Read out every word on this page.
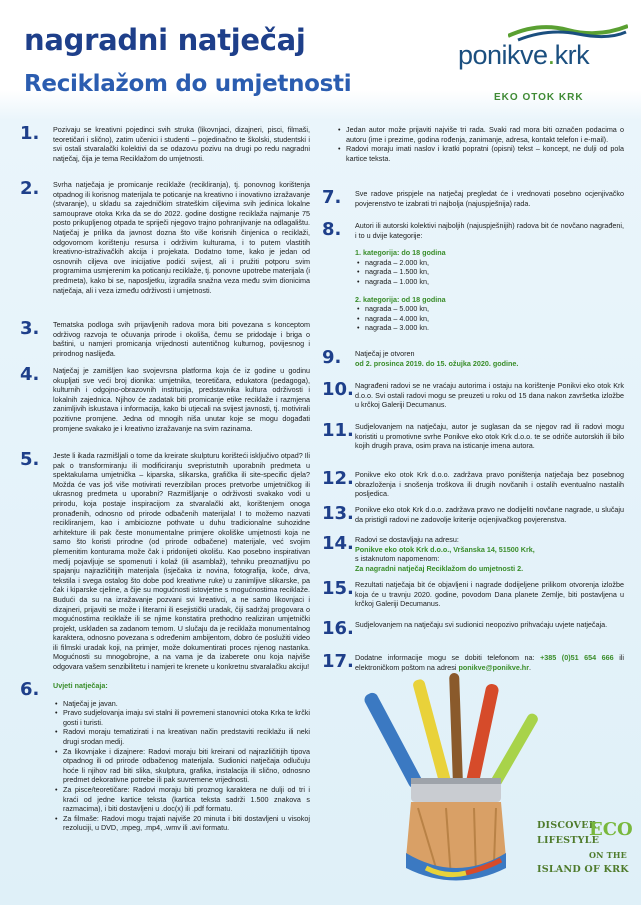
nagradni natječaj
Reciklažom do umjetnosti
ponikve.krk
EKO OTOK KRK
1.	Pozivaju se kreativni pojedinci svih struka (likovnjaci, dizajneri, pisci, filmaši, teoretičari i slično), zatim učenici i studenti – pojedinačno te školski, studentski i svi ostali stvaralački kolektivi da se odazovu pozivu na drugi po redu nagradni natječaj, čija je tema Reciklažom do umjetnosti.
2.	Svrha natječaja je promicanje reciklaže (recikliranja), tj. ponovnog korištenja otpadnog ili korisnog materijala te poticanje na kreativno i inovativno izražavanje (stvaranje), u skladu sa zajedničkim strateškim ciljevima svih jedinica lokalne samouprave otoka Krka da se do 2022. godine dostigne reciklaža najmanje 75 posto prikupljenog otpada te spriječi njegovo trajno pohranjivanje na odlagalištu. Natječaj je prilika da javnost dozna što više korisnih činjenica o reciklaži, odgovornom korištenju resursa i održivim kulturama, i to putem vlastitih kreativno-istraživačkih akcija i projekata. Dodatno tome, kako je jedan od osnovnih ciljeva ove inicijative podići svijest, ali i pružiti potporu svim programima usmjerenim ka poticanju reciklaže, tj. ponovne upotrebe materijala (i predmeta), kako bi se, naposljetku, izgradila snažna veza među svim dionicima natječaja, ali i veza između održivosti i umjetnosti.
3.	Tematska podloga svih prijavljenih radova mora biti povezana s konceptom održivog razvoja te očuvanja prirode i okoliša, čemu se pridodaje i briga o baštini, u namjeri promicanja vrijednosti autentičnog kulturnog, povijesnog i prirodnog naslijeđa.
4.	Natječaj je zamišljen kao svojevrsna platforma koja će iz godine u godinu okupljati sve veći broj dionika: umjetnika, teoretičara, edukatora (pedagoga), kulturnih i odgojno-obrazovnih institucija, predstavnika kultura održivosti i lokalnih zajednica. Njihov će zadatak biti promicanje etike reciklaže i razmjena zanimljivih iskustava i informacija, kako bi utjecali na svijest javnosti, tj. motivirali pozitivne promjene. Jedna od mnogih niša unutar koje se mogu događati promjene svakako je i kreativno izražavanje na svim razinama.
5.	Jeste li ikada razmišljali o tome da kreirate skulpturu korišteći isključivo otpad? Ili pak o transformiranju ili modificiranju svepristutnih uporabnih predmeta u spektakularna umjetnička – kiparska, slikarska, grafička ili site-specific djela? Možda će vas još više motivirati reverzibilan proces pretvorbe umjetničkog ili ukrasnog predmeta u uporabni? Razmišljanje o održivosti svakako vodi u prirodu, koja postaje inspiracijom za stvaralački akt, korištenjem onoga pronađenih, odnosno od prirode odbačenih materijala! I to možemo nazvati recikliranjem, kao i ambiciozne pothvate u duhu tradicionalne suhozidne arhitekture ili pak česte monumentalne primjere okoliške umjetnosti koja ne samo što koristi prirodne (od prirode odbačene) materijale, već svojim plemenitim konturama može čak i pridonijeti okolišu. Kao posebno inspirativan medij pojavljuje se spomenuti i kolaž (ili asamblaž), tehniku preoznatljivu po spajanju najrazličitijih materijala (isječaka iz novina, fotografija, koče, drva, tekstila i svega ostalog što dobe pod kreativne ruke) u zanimljive slikarske, pa čak i kiparske cjeline, a čije su mogućnosti istovjetne s mogućnostima reciklaže. Budući da su na izražavanje pozvani svi kreativci, a ne samo likovnjaci i dizajneri, prijaviti se može i literarni ili esejistički uradak, čiji sadržaj progovara o mogućnostima reciklaže ili se njime konstatira prethodno realiziran umjetnički projekt, uskladen sa zadanom temom. U slučaju da je reciklaža monumentalnog karaktera, odnosno povezana s određenim ambijentom, dobro će poslužiti video ili filmski uradak koji, na primjer, može dokumentirati proces njenog nastanka. Mogućnosti su mnogobrojne, a na vama je da izaberete onu koja najviše odgovara vašem senzibilitetu i namjeri te krenete u konkretnu stvaralačku akciju!
6.	Uvjeti natječaja:
• Natječaj je javan.
• Pravo sudjelovanja imaju svi stalni ili povremeni stanovnici otoka Krka te krčki gosti i turisti.
• Radovi moraju tematizirati i na kreativan način predstaviti reciklažu ili neki drugi srodan medij.
• Za likovnjake i dizajnere: Radovi moraju biti kreirani od najrazličitijih tipova otpadnog ili od prirode odbačenog materijala. Sudionici natječaja odlučuju hoće li njihov rad biti slika, skulptura, grafika, instalacija ili slično, odnosno predmet dekorativne potrebe ili pak suvremene vrijednosti.
• Za pisce/teoretičare: Radovi moraju biti proznog karaktera ne dulji od tri i kraći od jedne kartice teksta (kartica teksta sadrži 1.500 znakova s razmacima), i biti dostavljeni u .doc(x) ili .pdf formatu.
• Za filmaše: Radovi mogu trajati najviše 20 minuta i biti dostavljeni u visokoj rezoluciji, u DVD, .mpeg, .mp4, .wmv ili .avi formatu.
• Jedan autor može prijaviti najviše tri rada. Svaki rad mora biti označen podacima o autoru (ime i prezime, godina rođenja, zanimanje, adresa, kontakt telefon i e-mail).
• Radovi moraju imati naslov i kratki popratni (opisni) tekst – koncept, ne dulji od pola kartice teksta.
7.	Sve radove prispjele na natječaj pregledat će i vrednovati posebno ocjenjivačko povjerenstvo te izabrati tri najbolja (najuspješnija) rada.
8.	Autori ili autorski kolektivi najboljih (najuspješnijih) radova bit će novčano nagrađeni, i to u dvije kategorije:
1. kategorija: do 18 godina
• nagrada – 2.000 kn,
• nagrada – 1.500 kn,
• nagrada – 1.000 kn,
2. kategorija: od 18 godina
• nagrada – 5.000 kn,
• nagrada – 4.000 kn,
• nagrada – 3.000 kn.
9.	Natječaj je otvoren
od 2. prosinca 2019. do 15. ožujka 2020. godine.
10. Nagrađeni radovi se ne vraćaju autorima i ostaju na korištenje Ponikvi eko otok Krk d.o.o. Svi ostali radovi mogu se preuzeti u roku od 15 dana nakon završetka izložbe u krčkoj Galeriji Decumanus.
11. Sudjelovanjem na natječaju, autor je suglasan da se njegov rad ili radovi mogu koristiti u promotivne svrhe Ponikve eko otok Krk d.o.o. te se odriče autorskih ili bilo kojih drugih prava, osim prava na isticanje imena autora.
12. Ponikve eko otok Krk d.o.o. zadržava pravo poništenja natječaja bez posebnog obrazloženja i snošenja troškova ili drugih novčanih i ostalih eventualno nastalih posljedica.
13. Ponikve eko otok Krk d.o.o. zadržava pravo ne dodijeliti novčane nagrade, u slučaju da pristigli radovi ne zadovolje kriterije ocjenjivačkog povjerenstva.
14. Radovi se dostavljaju na adresu:
Ponikve eko otok Krk d.o.o., Vršanska 14, 51500 Krk,
s istaknutom napomenom:
Za nagradni natječaj Reciklažom do umjetnosti 2.
15. Rezultati natječaja bit će objavljeni i nagrade dodijeljene prilikom otvorenja izložbe koja će u travnju 2020. godine, povodom Dana planete Zemlje, biti postavljena u krčkoj Galeriji Decumanus.
16. Sudjelovanjem na natječaju svi sudionici neopozivo prihvaćaju uvjete natječaja.
17. Dodatne informacije mogu se dobiti telefonom na: +385 (0)51 654 666 ili elektroničkom poštom na adresi ponikve@ponikve.hr.
DISCOVER
ECO
LIFESTYLE
ON THE
ISLAND OF KRK
